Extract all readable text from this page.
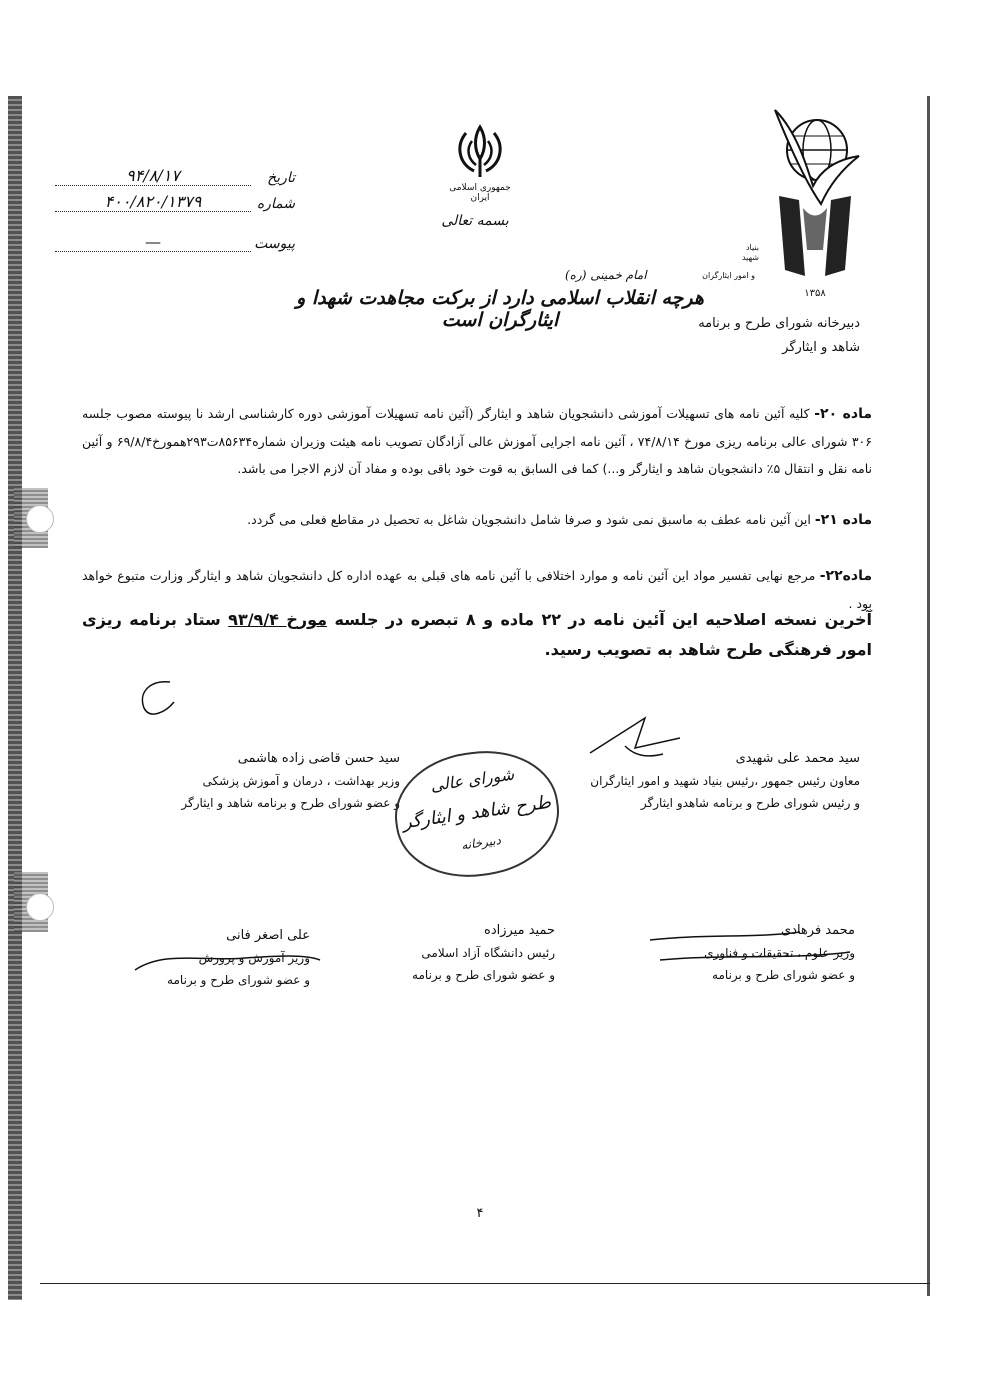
تاریخ
۹۴/۸/۱۷
شماره
۴۰۰/۸۲۰/۱۳۷۹
پیوست
—
جمهوری اسلامی ایران
بسمه تعالی
بنیاد
شهید
و امور ایثارگران
۱۳۵۸
دبیرخانه شورای طرح و برنامه
شاهد و ایثارگر
امام خمینی (ره)
هرچه انقلاب اسلامی دارد از برکت مجاهدت شهدا و ایثارگران است
ماده ۲۰- کلیه آئین نامه های تسهیلات آموزشی دانشجویان شاهد و ایثارگر (آئین نامه تسهیلات آموزشی دوره کارشناسی ارشد نا پیوسته مصوب جلسه ۳۰۶ شورای عالی برنامه ریزی مورخ ۷۴/۸/۱۴ ، آئین نامه اجرایی آموزش عالی آزادگان تصویب نامه هیئت وزیران شماره۸۵۶۳۴ت۲۹۳ه‍مورخ۶۹/۸/۴ و آئین نامه نقل و انتقال ۵٪ دانشجویان شاهد و ایثارگر و...) کما فی السابق به قوت خود باقی بوده و مفاد آن لازم الاجرا می باشد.
ماده ۲۱- این آئین نامه عطف به ماسبق نمی شود و صرفا شامل دانشجویان شاغل به تحصیل در مقاطع فعلی می گردد.
ماده۲۲- مرجع نهایی تفسیر مواد این آئین نامه و موارد اختلافی با آئین نامه های قبلی به عهده اداره کل دانشجویان شاهد و ایثارگر وزارت متبوع خواهد بود .
آخرین نسخه اصلاحیه این آئین نامه در ۲۲ ماده و ۸ تبصره در جلسه مورخ ۹۳/۹/۴ ستاد برنامه ریزی امور فرهنگی طرح شاهد به تصویب رسید.
سید محمد علی شهیدی
معاون رئیس جمهور ،رئیس بنیاد شهید و امور ایثارگران
و رئیس شورای طرح و برنامه شاهدو ایثارگر
سید حسن قاضی زاده هاشمی
وزیر بهداشت ، درمان و آموزش پزشکی
و عضو شورای طرح و برنامه شاهد و ایثارگر
شورای عالی
طرح شاهد و ایثارگر
دبیرخانه
محمد فرهادی
وزیر علوم ، تحقیقات و فناوری
و عضو شورای طرح و برنامه
حمید میرزاده
رئیس دانشگاه آزاد اسلامی
و عضو شورای طرح و برنامه
علی اصغر فانی
وزیر آموزش و پرورش
و عضو شورای طرح و برنامه
۴
